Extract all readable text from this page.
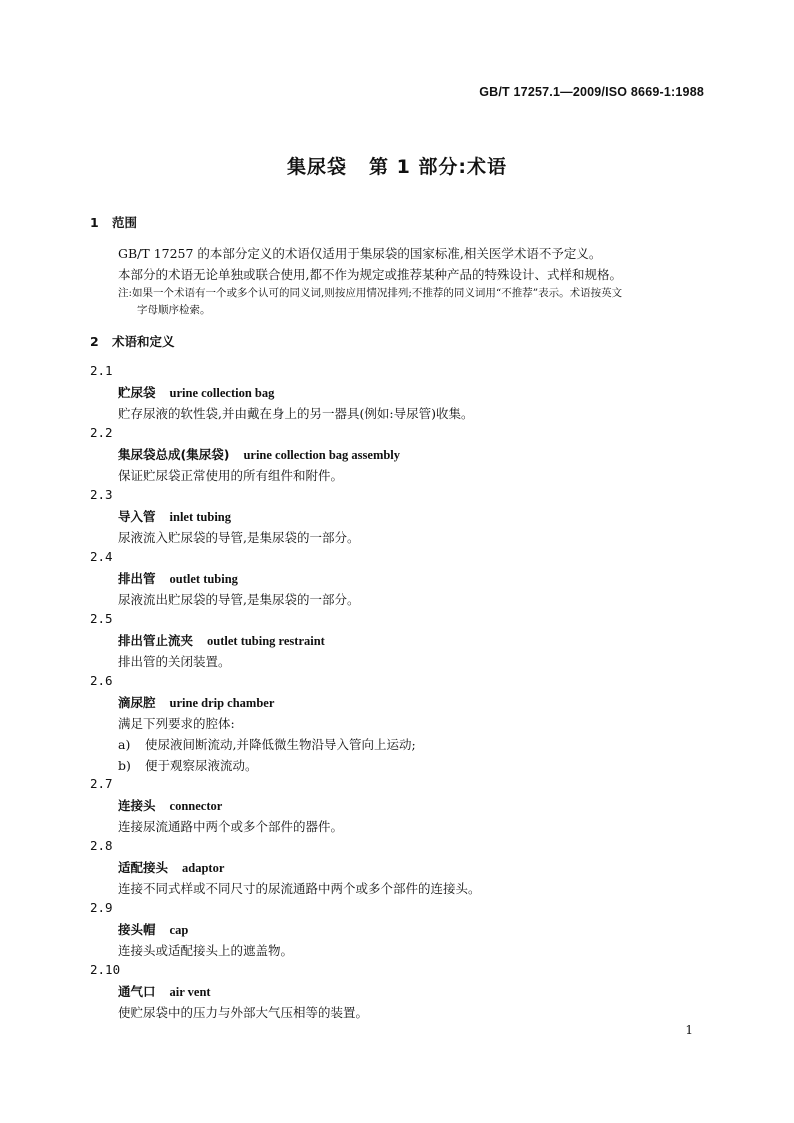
GB/T 17257.1—2009/ISO 8669-1:1988
集尿袋 第 1 部分:术语
1 范围
GB/T 17257 的本部分定义的术语仅适用于集尿袋的国家标准,相关医学术语不予定义。
本部分的术语无论单独或联合使用,都不作为规定或推荐某种产品的特殊设计、式样和规格。
注:如果一个术语有一个或多个认可的同义词,则按应用情况排列;不推荐的同义词用“不推荐”表示。术语按英文
字母顺序检索。
2 术语和定义
2.1
贮尿袋 urine collection bag
贮存尿液的软性袋,并由戴在身上的另一器具(例如:导尿管)收集。
2.2
集尿袋总成(集尿袋) urine collection bag assembly
保证贮尿袋正常使用的所有组件和附件。
2.3
导入管 inlet tubing
尿液流入贮尿袋的导管,是集尿袋的一部分。
2.4
排出管 outlet tubing
尿液流出贮尿袋的导管,是集尿袋的一部分。
2.5
排出管止流夹 outlet tubing restraint
排出管的关闭装置。
2.6
滴尿腔 urine drip chamber
满足下列要求的腔体:
a) 使尿液间断流动,并降低微生物沿导入管向上运动;
b) 便于观察尿液流动。
2.7
连接头 connector
连接尿流通路中两个或多个部件的器件。
2.8
适配接头 adaptor
连接不同式样或不同尺寸的尿流通路中两个或多个部件的连接头。
2.9
接头帽 cap
连接头或适配接头上的遮盖物。
2.10
通气口 air vent
使贮尿袋中的压力与外部大气压相等的装置。
1
